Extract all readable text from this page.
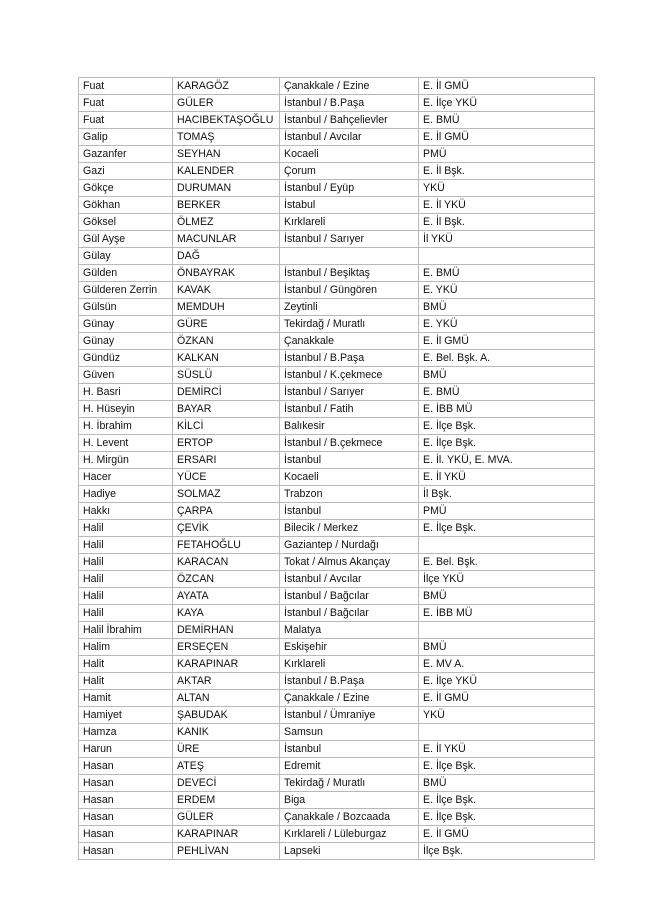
Fuat	KARAGÖZ	Çanakkale / Ezine	E. İl GMÜ
Fuat	GÜLER	İstanbul / B.Paşa	E. İlçe YKÜ
Fuat	HACIBEKTAŞOĞLU	İstanbul / Bahçelievler	E. BMÜ
Galip	TOMAŞ	İstanbul / Avcılar	E. İl GMÜ
Gazanfer	SEYHAN	Kocaeli	PMÜ
Gazi	KALENDER	Çorum	E. İl Bşk.
Gökçe	DURUMAN	İstanbul / Eyüp	YKÜ
Gökhan	BERKER	İstabul	E. İl YKÜ
Göksel	ÖLMEZ	Kırklareli	E. İl Bşk.
Gül Ayşe	MACUNLAR	İstanbul / Sarıyer	İl YKÜ
Gülay	DAĞ		
Gülden	ÖNBAYRAK	İstanbul / Beşiktaş	E. BMÜ
Gülderen Zerrin	KAVAK	İstanbul / Güngören	E. YKÜ
Gülsün	MEMDUH	Zeytinli	BMÜ
Günay	GÜRE	Tekirdağ / Muratlı	E. YKÜ
Günay	ÖZKAN	Çanakkale	E. İl GMÜ
Gündüz	KALKAN	İstanbul / B.Paşa	E. Bel. Bşk. A.
Güven	SÜSLÜ	İstanbul / K.çekmece	BMÜ
H. Basri	DEMİRCİ	İstanbul / Sarıyer	E. BMÜ
H. Hüseyin	BAYAR	İstanbul / Fatih	E. İBB MÜ
H. İbrahim	KİLCİ	Balıkesir	E. İlçe Bşk.
H. Levent	ERTOP	İstanbul / B.çekmece	E. İlçe Bşk.
H. Mirgün	ERSARI	İstanbul	E. İl. YKÜ, E. MVA.
Hacer	YÜCE	Kocaeli	E. İl YKÜ
Hadiye	SOLMAZ	Trabzon	İl Bşk.
Hakkı	ÇARPA	İstanbul	PMÜ
Halil	ÇEVİK	Bilecik / Merkez	E. İlçe Bşk.
Halil	FETAHOĞLU	Gaziantep / Nurdağı	
Halil	KARACAN	Tokat / Almus Akançay	E. Bel. Bşk.
Halil	ÖZCAN	İstanbul / Avcılar	İlçe YKÜ
Halil	AYATA	İstanbul / Bağcılar	BMÜ
Halil	KAYA	İstanbul / Bağcılar	E. İBB MÜ
Halil İbrahim	DEMİRHAN	Malatya	
Halim	ERSEÇEN	Eskişehir	BMÜ
Halit	KARAPINAR	Kırklareli	E. MV A.
Halit	AKTAR	İstanbul / B.Paşa	E. İlçe YKÜ
Hamit	ALTAN	Çanakkale / Ezine	E. İl GMÜ
Hamiyet	ŞABUDAK	İstanbul / Ümraniye	YKÜ
Hamza	KANIK	Samsun	
Harun	ÜRE	İstanbul	E. İl YKÜ
Hasan	ATEŞ	Edremit	E. İlçe Bşk.
Hasan	DEVECİ	Tekirdağ / Muratlı	BMÜ
Hasan	ERDEM	Biga	E. İlçe Bşk.
Hasan	GÜLER	Çanakkale / Bozcaada	E. İlçe Bşk.
Hasan	KARAPINAR	Kırklareli / Lüleburgaz	E. İl GMÜ
Hasan	PEHLİVAN	Lapseki	İlçe Bşk.
